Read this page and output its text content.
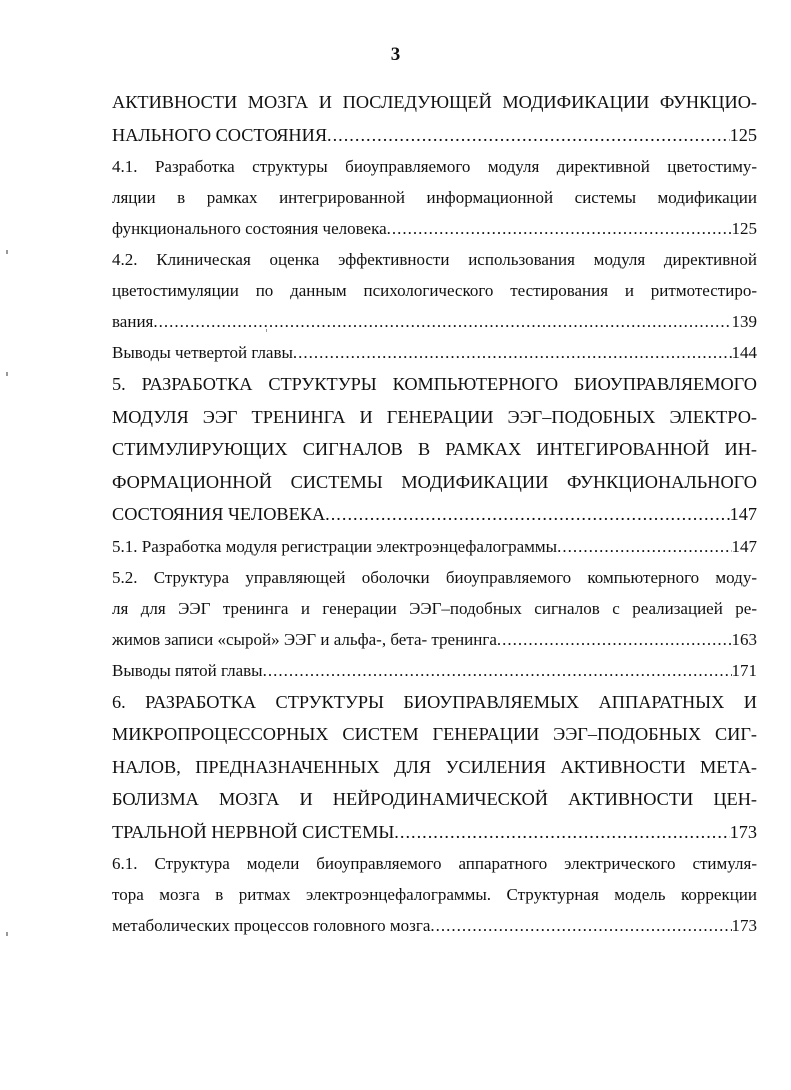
3
АКТИВНОСТИ МОЗГА И ПОСЛЕДУЮЩЕЙ МОДИФИКАЦИИ ФУНКЦИО-
НАЛЬНОГО СОСТОЯНИЯ .....	125
4.1. Разработка структуры биоуправляемого модуля директивной цветостиму-
ляции в рамках интегрированной информационной системы модификации
функционального состояния человека .....	125
4.2. Клиническая оценка эффективности использования модуля директивной
цветостимуляции по данным психологического тестирования и ритмотестиро-
вания .....	139
Выводы четвертой главы .....	144
5. РАЗРАБОТКА СТРУКТУРЫ КОМПЬЮТЕРНОГО БИОУПРАВЛЯЕМОГО
МОДУЛЯ ЭЭГ ТРЕНИНГА И ГЕНЕРАЦИИ ЭЭГ–ПОДОБНЫХ ЭЛЕКТРО-
СТИМУЛИРУЮЩИХ СИГНАЛОВ В РАМКАХ ИНТЕГИРОВАННОЙ ИН-
ФОРМАЦИОННОЙ СИСТЕМЫ МОДИФИКАЦИИ ФУНКЦИОНАЛЬНОГО
СОСТОЯНИЯ ЧЕЛОВЕКА .....	147
5.1. Разработка модуля регистрации электроэнцефалограммы .....	147
5.2. Структура управляющей оболочки биоуправляемого компьютерного моду-
ля для ЭЭГ тренинга и генерации ЭЭГ–подобных сигналов с реализацией ре-
жимов записи «сырой» ЭЭГ и альфа-, бета- тренинга .....	163
Выводы пятой главы .....	171
6. РАЗРАБОТКА СТРУКТУРЫ БИОУПРАВЛЯЕМЫХ АППАРАТНЫХ И
МИКРОПРОЦЕССОРНЫХ СИСТЕМ ГЕНЕРАЦИИ ЭЭГ–ПОДОБНЫХ СИГ-
НАЛОВ, ПРЕДНАЗНАЧЕННЫХ ДЛЯ УСИЛЕНИЯ АКТИВНОСТИ МЕТА-
БОЛИЗМА МОЗГА И НЕЙРОДИНАМИЧЕСКОЙ АКТИВНОСТИ ЦЕН-
ТРАЛЬНОЙ НЕРВНОЙ СИСТЕМЫ .....	173
6.1. Структура модели биоуправляемого аппаратного электрического стимуля-
тора мозга в ритмах электроэнцефалограммы. Структурная модель коррекции
метаболических процессов головного мозга .....	173
